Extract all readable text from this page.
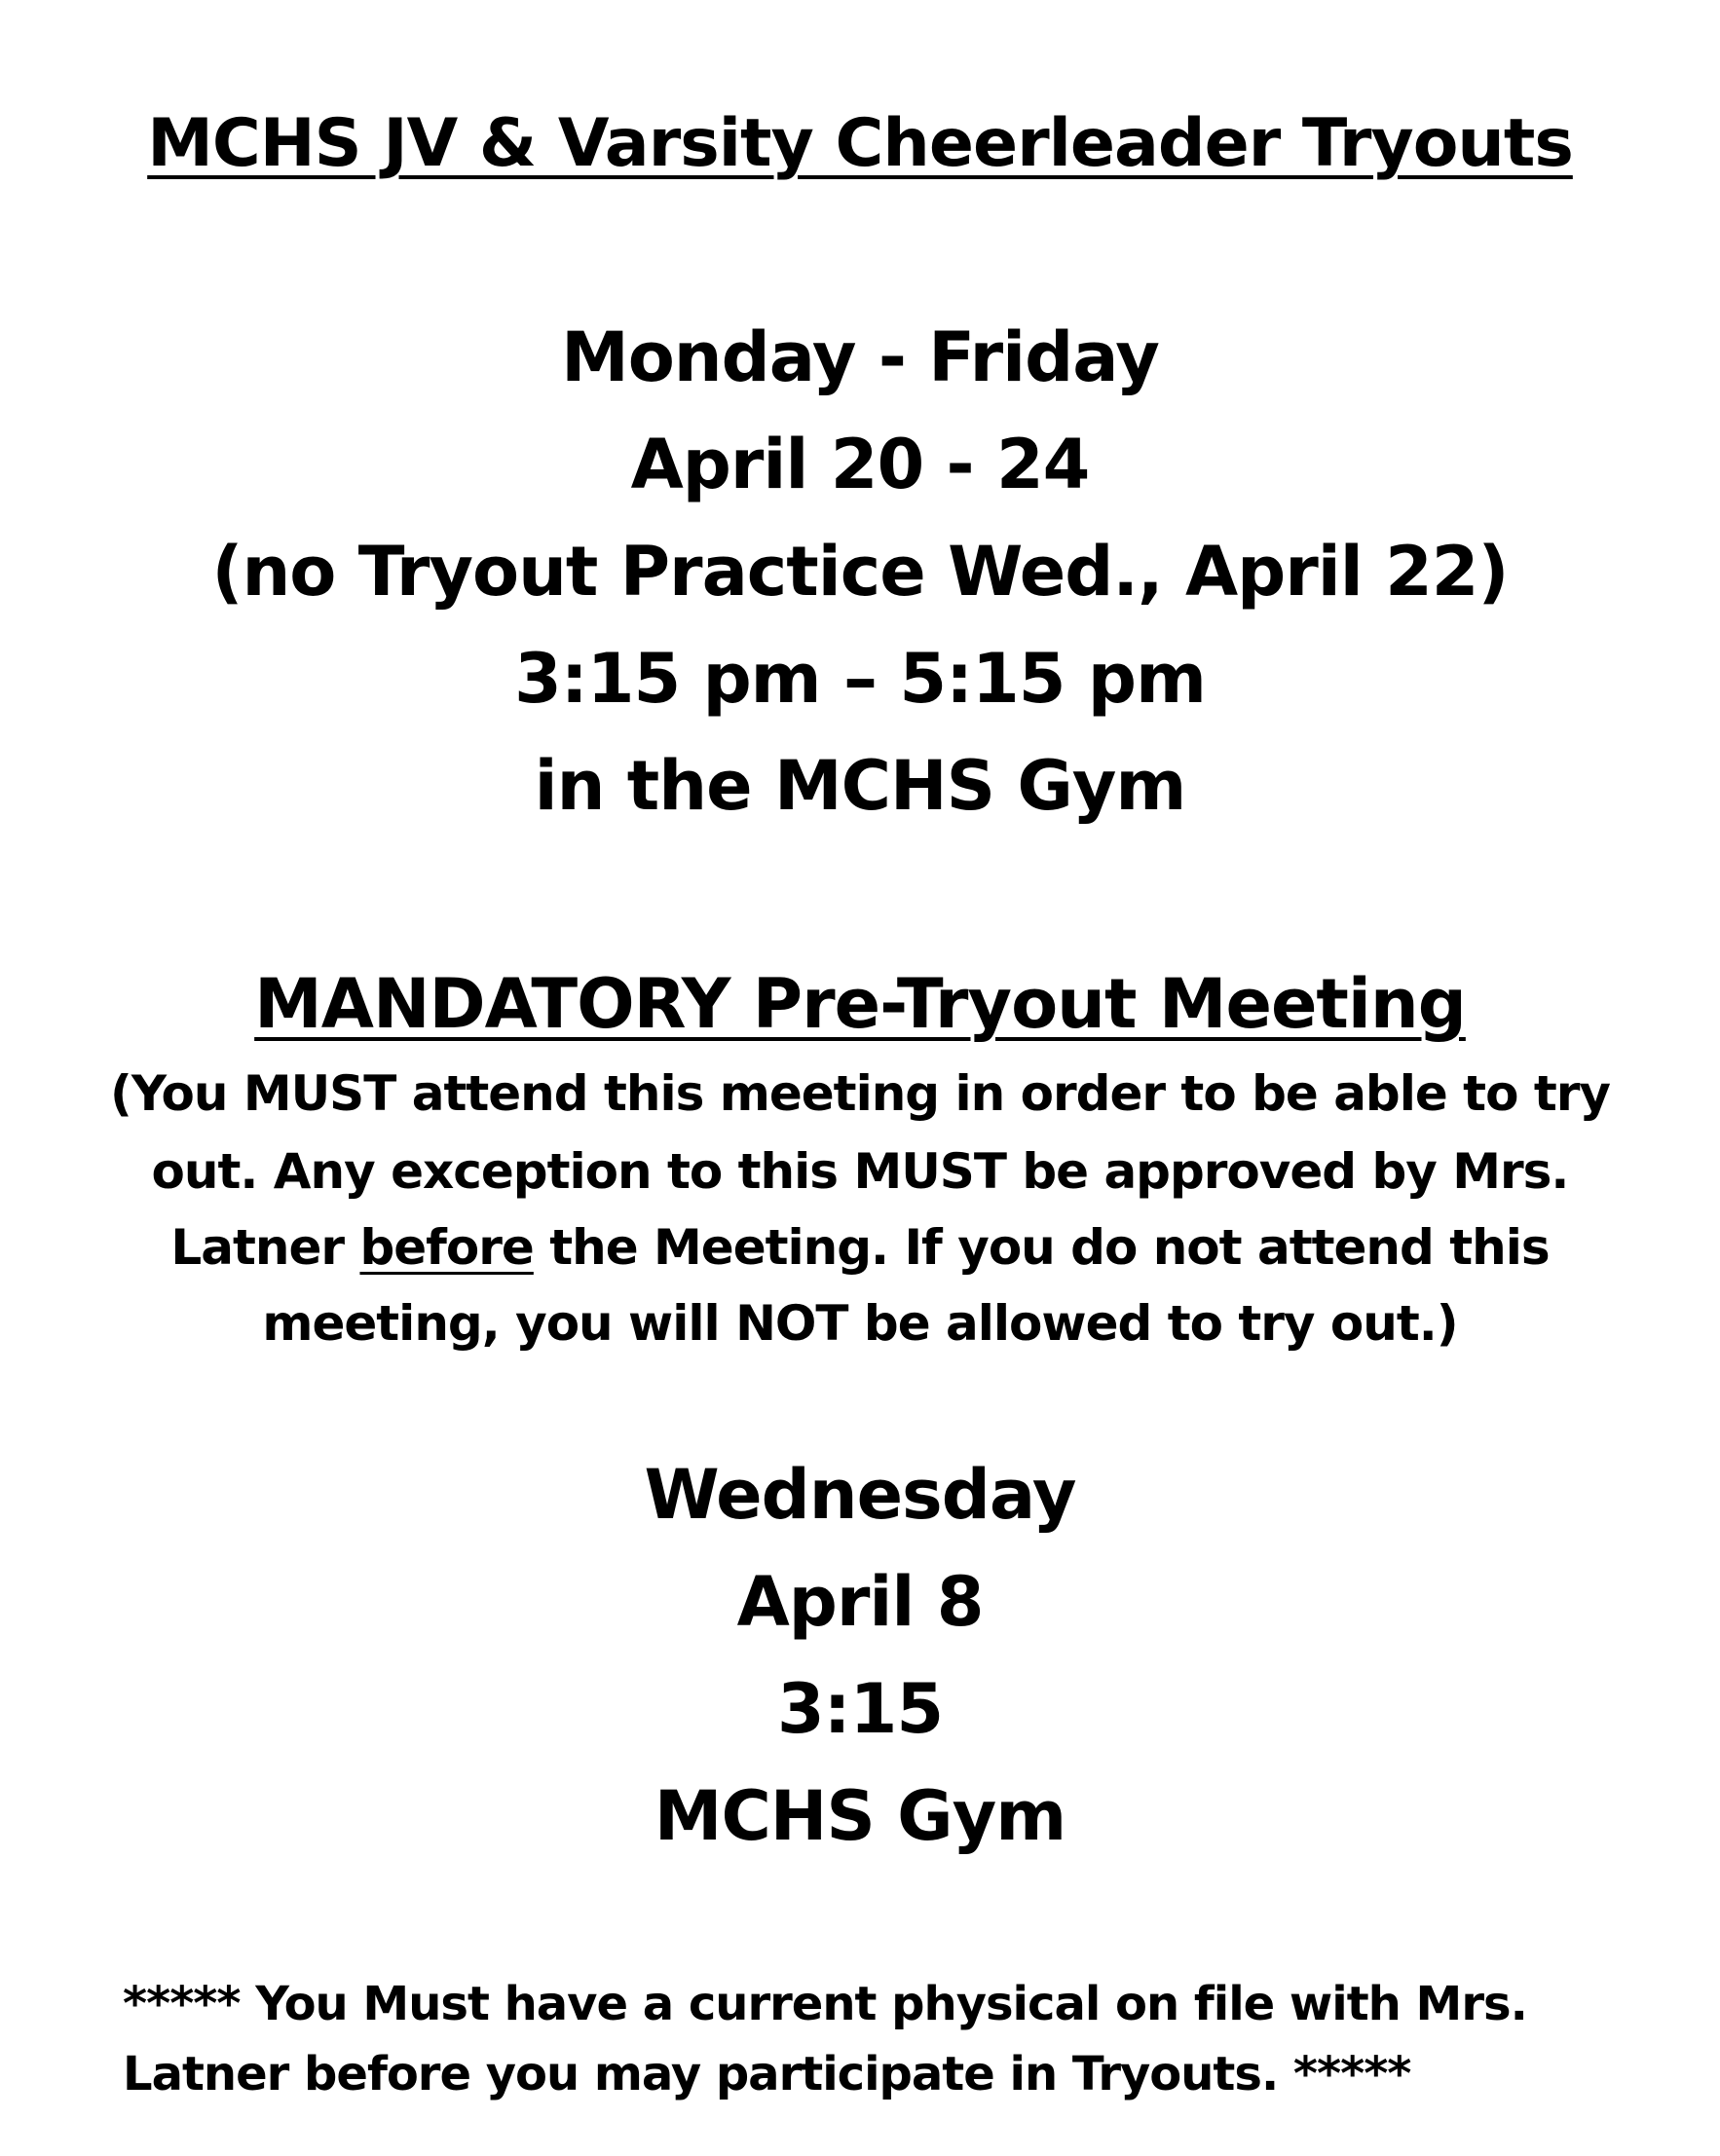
MCHS JV & Varsity Cheerleader Tryouts
Monday - Friday
April 20 - 24
(no Tryout Practice Wed., April 22)
3:15 pm – 5:15 pm
in the MCHS Gym
MANDATORY Pre-Tryout Meeting
(You MUST attend this meeting in order to be able to try
out. Any exception to this MUST be approved by Mrs.
Latner before the Meeting. If you do not attend this
meeting, you will NOT be allowed to try out.)
Wednesday
April 8
3:15
MCHS Gym
***** You Must have a current physical on file with Mrs.
Latner before you may participate in Tryouts. *****
